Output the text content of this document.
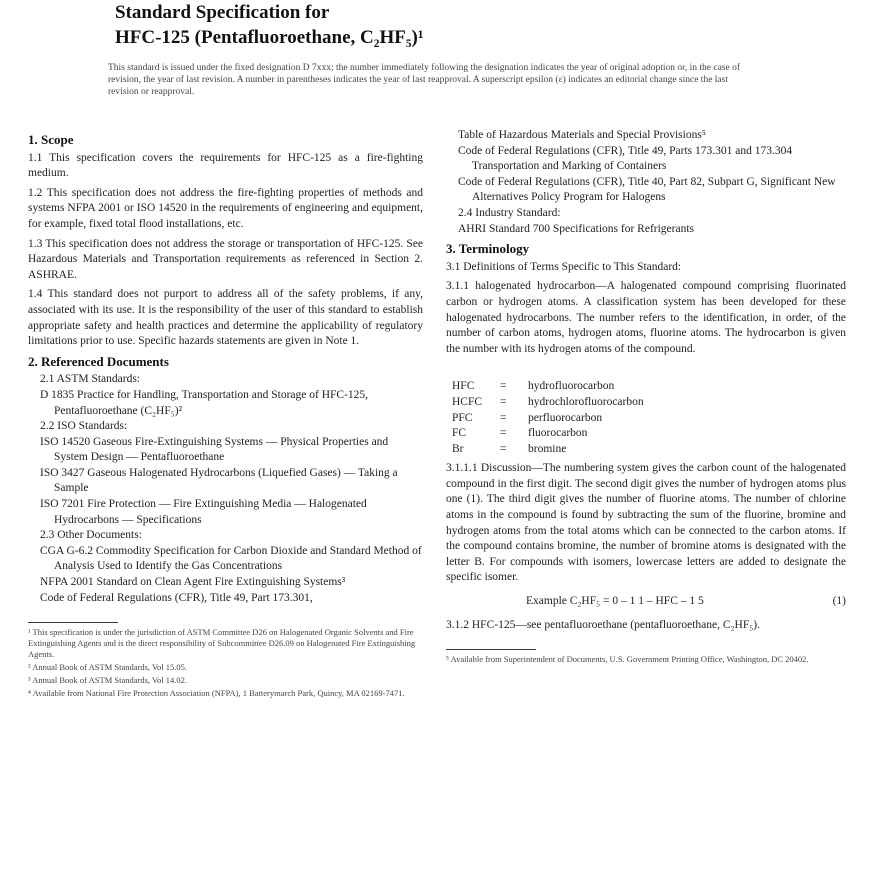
Standard Specification for
HFC-125 (Pentafluoroethane, C₂HF₅)¹
This standard is issued under the fixed designation D 7xxx; the number immediately following the designation indicates the year of original adoption or, in the case of revision, the year of last revision. A number in parentheses indicates the year of last reapproval. A superscript epsilon (ε) indicates an editorial change since the last revision or reapproval.
1. Scope

1.1 This specification covers the requirements for HFC-125 as a fire-fighting medium.

1.2 This specification does not address the fire-fighting properties of methods and systems NFPA 2001 or ISO 14520 in the requirements of engineering and equipment, for example, fixed total flood installations, etc.

1.3 This specification does not address the storage or transportation of HFC-125. See Hazardous Materials and Transportation requirements as referenced in Section 2. ASHRAE.

1.4 This standard does not purport to address all of the safety problems, if any, associated with its use. It is the responsibility of the user of this standard to establish appropriate safety and health practices and determine the applicability of regulatory limitations prior to use. Specific hazards statements are given in Note 1.

2. Referenced Documents
2.1 ASTM Standards:
D 1835 Practice for Handling, Transportation and Storage of HFC-125, Pentafluoroethane (C₂HF₅)²
2.2 ISO Standards:
ISO 14520 Gaseous Fire-Extinguishing Systems — Physical Properties and System Design — Pentafluoroethane
ISO 3427 Gaseous Halogenated Hydrocarbons (Liquefied Gases) — Taking a Sample
ISO 7201 Fire Protection — Fire Extinguishing Media — Halogenated Hydrocarbons — Specifications
2.3 Other Documents:
CGA G-6.2 Commodity Specification for Carbon Dioxide and Standard Method of Analysis Used to Identify the Gas Concentrations
NFPA 2001 Standard on Clean Agent Fire Extinguishing Systems³
Code of Federal Regulations (CFR), Title 49, Part 173.301,
¹ This specification is under the jurisdiction of ASTM Committee D26 on Halogenated Organic Solvents and Fire Extinguishing Agents and is the direct responsibility of Subcommittee D26.09 on Halogenated Fire Extinguishing Agents.
² Annual Book of ASTM Standards, Vol 15.05.
³ Annual Book of ASTM Standards, Vol 14.02.
⁴ Available from National Fire Protection Association (NFPA), 1 Batterymarch Park, Quincy, MA 02169-7471.
Table of Hazardous Materials and Special Provisions⁵
Code of Federal Regulations (CFR), Title 49, Parts 173.301 and 173.304 Transportation and Marking of Containers
Code of Federal Regulations (CFR), Title 40, Part 82, Subpart G, Significant New Alternatives Policy Program for Halogens
2.4 Industry Standard:
AHRI Standard 700 Specifications for Refrigerants
3. Terminology

3.1 Definitions of Terms Specific to This Standard:

3.1.1 halogenated hydrocarbon—A halogenated compound comprising fluorinated carbon or hydrogen atoms. A classification system has been developed for these halogenated hydrocarbons. The number refers to the identification, in order, of the number of carbon atoms, hydrogen atoms, fluorine atoms. The hydrocarbon is given the number with its hydrogen atoms of the compound.

HFC	=	hydrofluorocarbon
HCFC	=	hydrochlorofluorocarbon
PFC	=	perfluorocarbon
FC	=	fluorocarbon
Br	=	bromine

3.1.1.1 Discussion—The numbering system gives the carbon count of the halogenated compound in the first digit. The second digit gives the number of hydrogen atoms plus one (1). The third digit gives the number of fluorine atoms. The number of chlorine atoms in the compound is found by subtracting the sum of the fluorine, bromine and hydrogen atoms from the total atoms which can be connected to the carbon atoms. If the compound contains bromine, the number of bromine atoms is designated with the letter B. For compounds with isomers, lowercase letters are added to designate the specific isomer.

Example C₂HF₅ = 0 – 1 1 – HFC – 1 5	(1)

3.1.2 HFC-125—see pentafluoroethane (pentafluoroethane, C₂HF₅).

⁵ Available from Superintendent of Documents, U.S. Government Printing Office, Washington, DC 20402.
